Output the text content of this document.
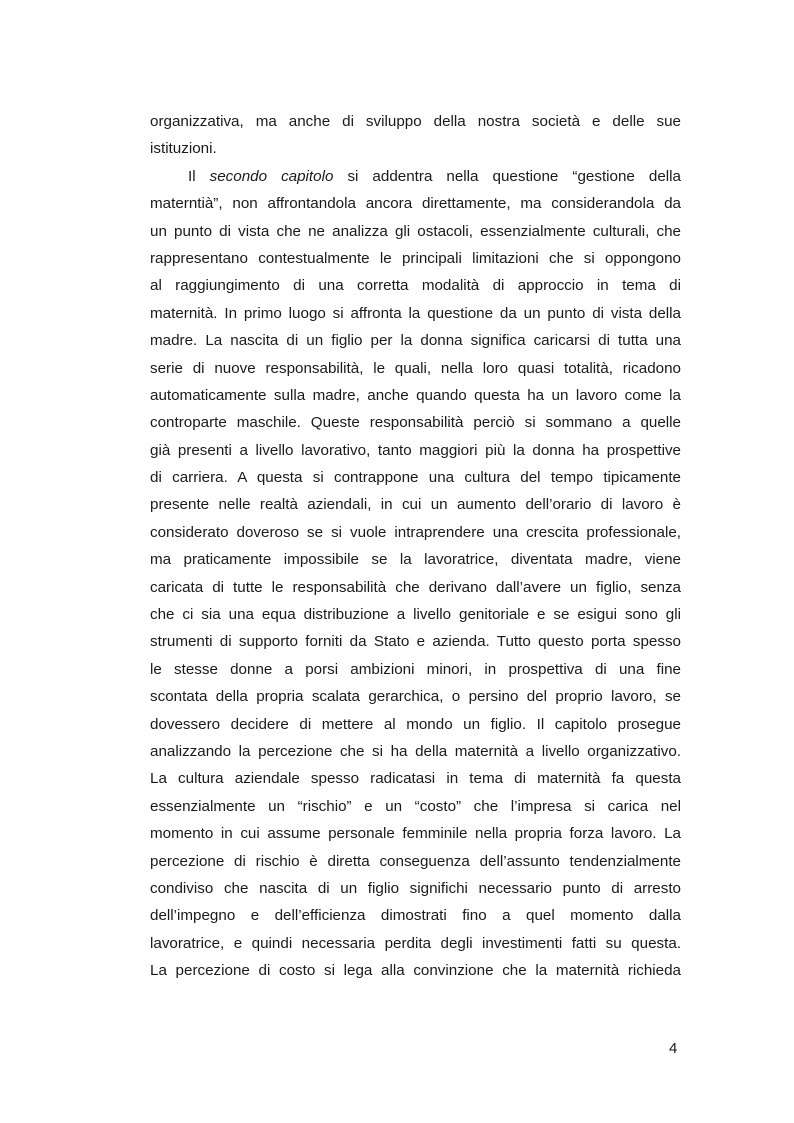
organizzativa, ma anche di sviluppo della nostra società e delle sue
istituzioni.
Il secondo capitolo si addentra nella questione “gestione della
materntià”, non affrontandola ancora direttamente, ma considerandola da
un punto di vista che ne analizza gli ostacoli, essenzialmente culturali, che
rappresentano contestualmente le principali limitazioni che si oppongono
al raggiungimento di una corretta modalità di approccio in tema di
maternità. In primo luogo si affronta la questione da un punto di vista della
madre. La nascita di un figlio per la donna significa caricarsi di tutta una
serie di nuove responsabilità, le quali, nella loro quasi totalità, ricadono
automaticamente sulla madre, anche quando questa ha un lavoro come la
controparte maschile. Queste responsabilità perciò si sommano a quelle
già presenti a livello lavorativo, tanto maggiori più la donna ha prospettive
di carriera. A questa si contrappone una cultura del tempo tipicamente
presente nelle realtà aziendali, in cui un aumento dell’orario di lavoro è
considerato doveroso se si vuole intraprendere una crescita professionale,
ma praticamente impossibile se la lavoratrice, diventata madre, viene
caricata di tutte le responsabilità che derivano dall’avere un figlio, senza
che ci sia una equa distribuzione a livello genitoriale e se esigui sono gli
strumenti di supporto forniti da Stato e azienda. Tutto questo porta spesso
le stesse donne a porsi ambizioni minori, in prospettiva di una fine
scontata della propria scalata gerarchica, o persino del proprio lavoro, se
dovessero decidere di mettere al mondo un figlio. Il capitolo prosegue
analizzando la percezione che si ha della maternità a livello organizzativo.
La cultura aziendale spesso radicatasi in tema di maternità fa questa
essenzialmente un “rischio” e un “costo” che l’impresa si carica nel
momento in cui assume personale femminile nella propria forza lavoro. La
percezione di rischio è diretta conseguenza dell’assunto tendenzialmente
condiviso che nascita di un figlio significhi necessario punto di arresto
dell’impegno e dell’efficienza dimostrati fino a quel momento dalla
lavoratrice, e quindi necessaria perdita degli investimenti fatti su questa.
La percezione di costo si lega alla convinzione che la maternità richieda
4
